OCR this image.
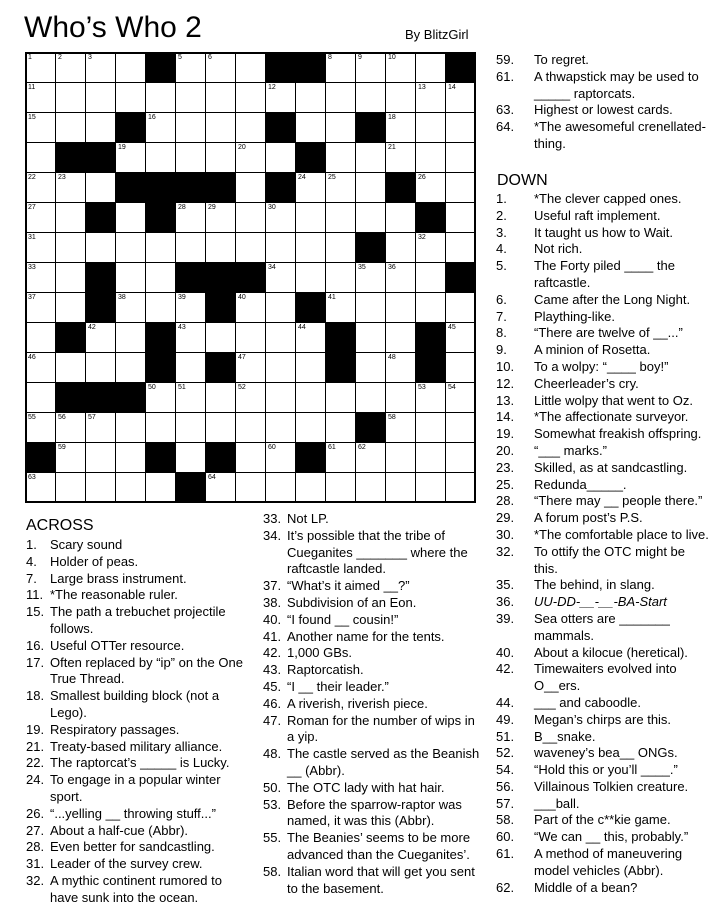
Who’s Who 2	By BlitzGirl
1	2	3	5	6	8	9	10
11	12	13	14
15	16	18
19	20	21
22	23	24	25	26
27	28	29	30
31	32
33	34	35	36
37	38	39	40	41
42	43	44	45
46	47	48
50	51	52	53	54
55	56	57	58
59	60	61	62
63	64
ACROSS
1. Scary sound
4. Holder of peas.
7. Large brass instrument.
11. *The reasonable ruler.
15. The path a trebuchet projectile follows.
16. Useful OTTer resource.
17. Often replaced by “ip” on the One True Thread.
18. Smallest building block (not a Lego).
19. Respiratory passages.
21. Treaty-based military alliance.
22. The raptorcat’s _____ is Lucky.
24. To engage in a popular winter sport.
26. “...yelling __ throwing stuff...”
27. About a half-cue (Abbr).
28. Even better for sandcastling.
31. Leader of the survey crew.
32. A mythic continent rumored to have sunk into the ocean.
33. Not LP.
34. It’s possible that the tribe of Cueganites _______ where the raftcastle landed.
37. “What’s it aimed __?”
38. Subdivision of an Eon.
40. “I found __ cousin!”
41. Another name for the tents.
42. 1,000 GBs.
43. Raptorcatish.
45. “I __ their leader.”
46. A riverish, riverish piece.
47. Roman for the number of wips in a yip.
48. The castle served as the Beanish __ (Abbr).
50. The OTC lady with hat hair.
53. Before the sparrow-raptor was named, it was this (Abbr).
55. The Beanies’ seems to be more advanced than the Cueganites’.
58. Italian word that will get you sent to the basement.
59. To regret.
61. A thwapstick may be used to _____ raptorcats.
63. Highest or lowest cards.
64. *The awesomeful crenellated-thing.
DOWN
1. *The clever capped ones.
2. Useful raft implement.
3. It taught us how to Wait.
4. Not rich.
5. The Forty piled ____ the raftcastle.
6. Came after the Long Night.
7. Plaything-like.
8. “There are twelve of __...”
9. A minion of Rosetta.
10. To a wolpy: “____ boy!”
12. Cheerleader’s cry.
13. Little wolpy that went to Oz.
14. *The affectionate surveyor.
19. Somewhat freakish offspring.
20. “___ marks.”
23. Skilled, as at sandcastling.
25. Redunda_____.
28. “There may __ people there.”
29. A forum post’s P.S.
30. *The comfortable place to live.
32. To ottify the OTC might be this.
35. The behind, in slang.
36. UU-DD-__-__-BA-Start
39. Sea otters are _______ mammals.
40. About a kilocue (heretical).
42. Timewaiters evolved into O__ers.
44. ___ and caboodle.
49. Megan’s chirps are this.
51. B__snake.
52. waveney’s bea__ ONGs.
54. “Hold this or you’ll ____.”
56. Villainous Tolkien creature.
57. ___ball.
58. Part of the c**kie game.
60. “We can __ this, probably.”
61. A method of maneuvering model vehicles (Abbr).
62. Middle of a bean?
